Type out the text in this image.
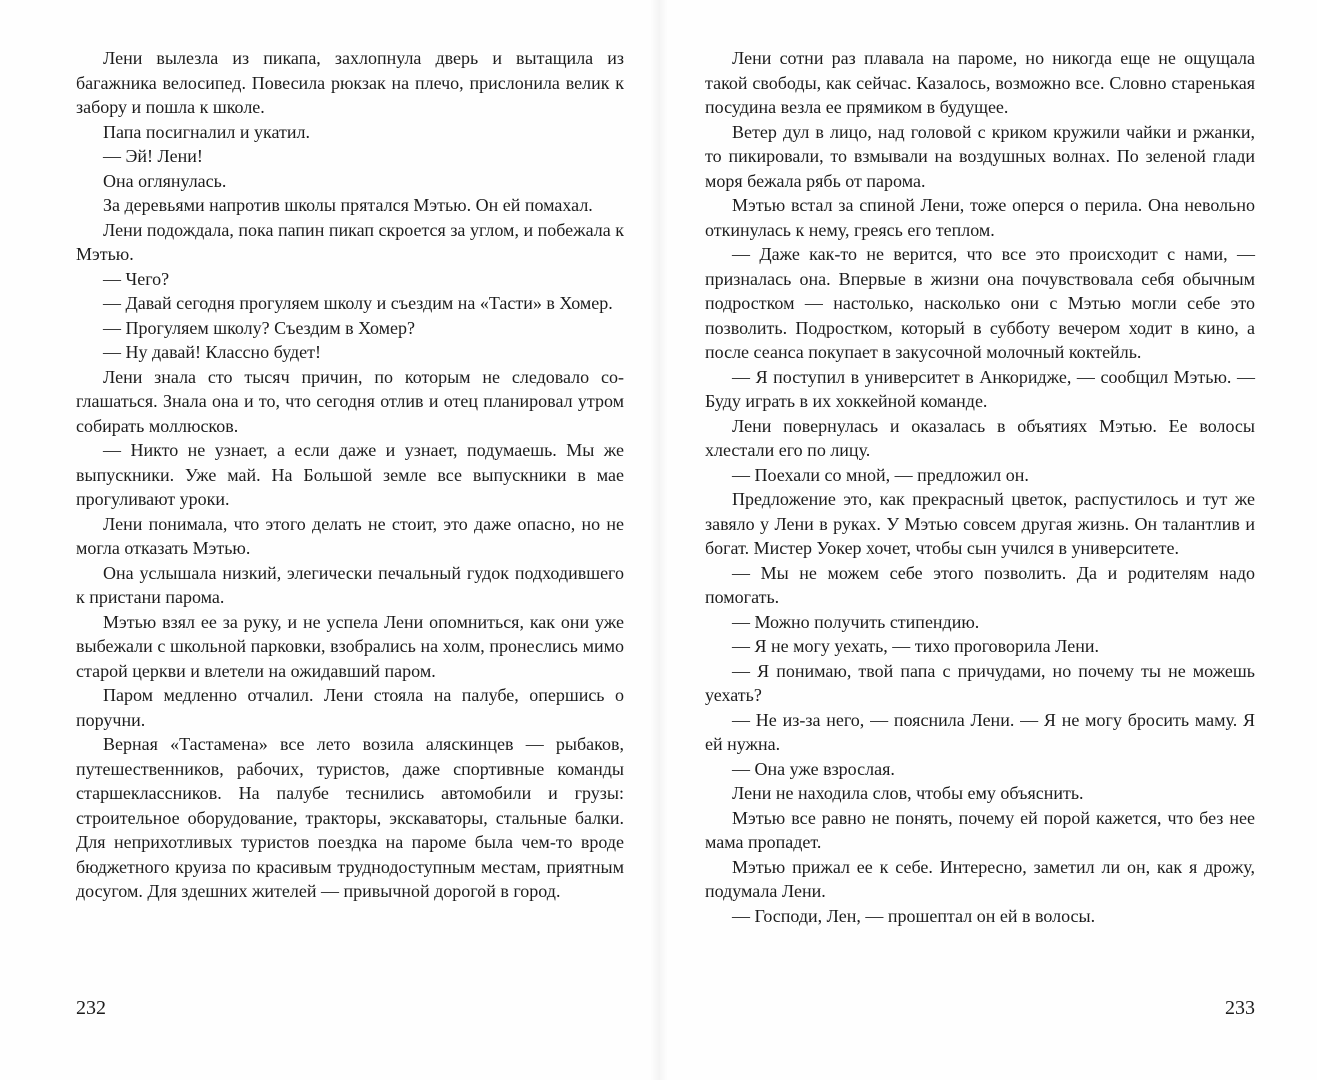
Лени вылезла из пикапа, захлопнула дверь и вытащила из багажника велосипед. Повесила рюкзак на плечо, прислонила велик к забору и пошла к школе.

Папа посигналил и укатил.

— Эй! Лени!

Она оглянулась.

За деревьями напротив школы прятался Мэтью. Он ей помахал.

Лени подождала, пока папин пикап скроется за углом, и побежала к Мэтью.

— Чего?

— Давай сегодня прогуляем школу и съездим на «Тасти» в Хомер.

— Прогуляем школу? Съездим в Хомер?

— Ну давай! Классно будет!

Лени знала сто тысяч причин, по которым не следовало соглашаться. Знала она и то, что сегодня отлив и отец планировал утром собирать моллюсков.

— Никто не узнает, а если даже и узнает, подумаешь. Мы же выпускники. Уже май. На Большой земле все выпускники в мае прогуливают уроки.

Лени понимала, что этого делать не стоит, это даже опасно, но не могла отказать Мэтью.

Она услышала низкий, элегически печальный гудок подходившего к пристани парома.

Мэтью взял ее за руку, и не успела Лени опомниться, как они уже выбежали с школьной парковки, взобрались на холм, пронеслись мимо старой церкви и влетели на ожидавший паром.

Паром медленно отчалил. Лени стояла на палубе, опершись о поручни.

Верная «Тастамена» все лето возила аляскинцев — рыбаков, путешественников, рабочих, туристов, даже спортивные команды старшеклассников. На палубе теснились автомобили и грузы: строительное оборудование, тракторы, экскаваторы, стальные балки. Для неприхотливых туристов поездка на пароме была чем-то вроде бюджетного круиза по красивым труднодоступным местам, приятным досугом. Для здешних жителей — привычной дорогой в город.

232

Лени сотни раз плавала на пароме, но никогда еще не ощущала такой свободы, как сейчас. Казалось, возможно все. Словно старенькая посудина везла ее прямиком в будущее.

Ветер дул в лицо, над головой с криком кружили чайки и ржанки, то пикировали, то взмывали на воздушных волнах. По зеленой глади моря бежала рябь от парома.

Мэтью встал за спиной Лени, тоже оперся о перила. Она невольно откинулась к нему, греясь его теплом.

— Даже как-то не верится, что все это происходит с нами, — призналась она. Впервые в жизни она почувствовала себя обычным подростком — настолько, насколько они с Мэтью могли себе это позволить. Подростком, который в субботу вечером ходит в кино, а после сеанса покупает в закусочной молочный коктейль.

— Я поступил в университет в Анкоридже, — сообщил Мэтью. — Буду играть в их хоккейной команде.

Лени повернулась и оказалась в объятиях Мэтью. Ее волосы хлестали его по лицу.

— Поехали со мной, — предложил он.

Предложение это, как прекрасный цветок, распустилось и тут же завяло у Лени в руках. У Мэтью совсем другая жизнь. Он талантлив и богат. Мистер Уокер хочет, чтобы сын учился в университете.

— Мы не можем себе этого позволить. Да и родителям надо помогать.

— Можно получить стипендию.

— Я не могу уехать, — тихо проговорила Лени.

— Я понимаю, твой папа с причудами, но почему ты не можешь уехать?

— Не из-за него, — пояснила Лени. — Я не могу бросить маму. Я ей нужна.

— Она уже взрослая.

Лени не находила слов, чтобы ему объяснить.

Мэтью все равно не понять, почему ей порой кажется, что без нее мама пропадет.

Мэтью прижал ее к себе. Интересно, заметил ли он, как я дрожу, подумала Лени.

— Господи, Лен, — прошептал он ей в волосы.

233
